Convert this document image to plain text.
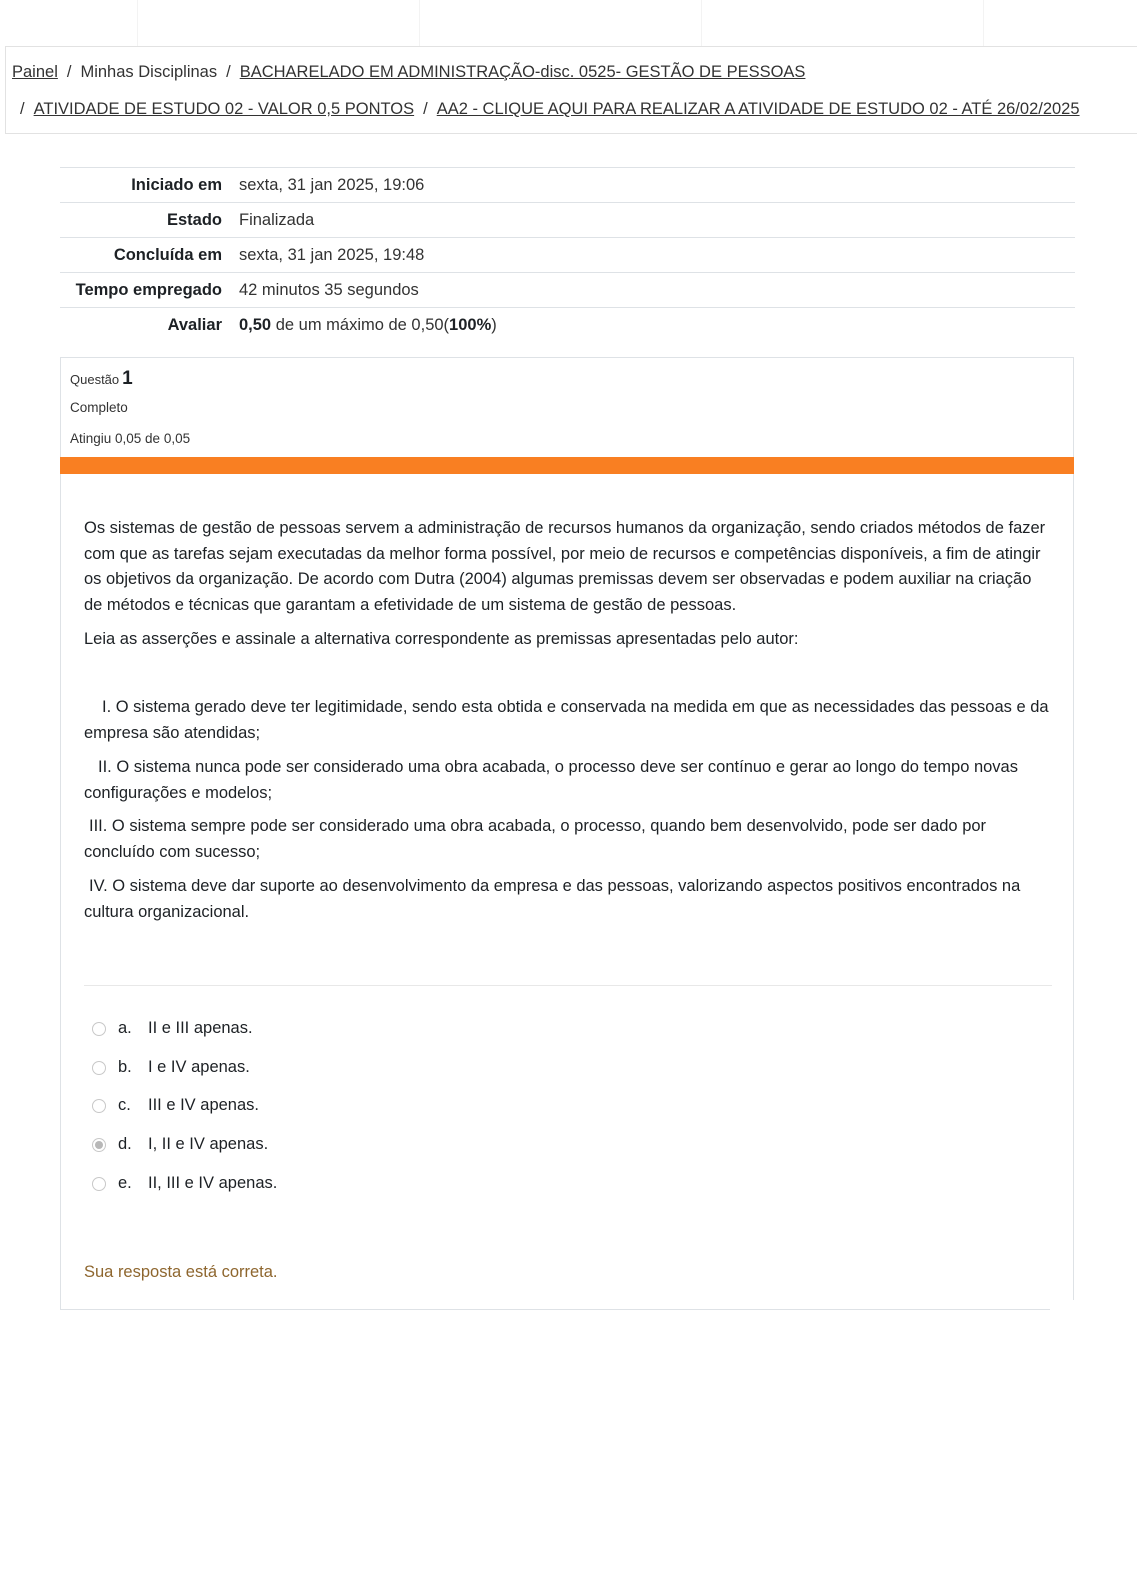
Painel / Minhas Disciplinas / BACHARELADO EM ADMINISTRAÇÃO-disc. 0525- GESTÃO DE PESSOAS
/ ATIVIDADE DE ESTUDO 02 - VALOR 0,5 PONTOS / AA2 - CLIQUE AQUI PARA REALIZAR A ATIVIDADE DE ESTUDO 02 - ATÉ 26/02/2025
Iniciado em	sexta, 31 jan 2025, 19:06
Estado	Finalizada
Concluída em	sexta, 31 jan 2025, 19:48
Tempo empregado	42 minutos 35 segundos
Avaliar	0,50 de um máximo de 0,50(100%)
Questão 1
Completo
Atingiu 0,05 de 0,05

Os sistemas de gestão de pessoas servem a administração de recursos humanos da organização, sendo criados métodos de fazer com que as tarefas sejam executadas da melhor forma possível, por meio de recursos e competências disponíveis, a fim de atingir os objetivos da organização. De acordo com Dutra (2004) algumas premissas devem ser observadas e podem auxiliar na criação de métodos e técnicas que garantam a efetividade de um sistema de gestão de pessoas.

Leia as asserções e assinale a alternativa correspondente as premissas apresentadas pelo autor:

I. O sistema gerado deve ter legitimidade, sendo esta obtida e conservada na medida em que as necessidades das pessoas e da empresa são atendidas;

II. O sistema nunca pode ser considerado uma obra acabada, o processo deve ser contínuo e gerar ao longo do tempo novas configurações e modelos;

III. O sistema sempre pode ser considerado uma obra acabada, o processo, quando bem desenvolvido, pode ser dado por concluído com sucesso;

IV. O sistema deve dar suporte ao desenvolvimento da empresa e das pessoas, valorizando aspectos positivos encontrados na cultura organizacional.

a. II e III apenas.
b. I e IV apenas.
c. III e IV apenas.
d. I, II e IV apenas.
e. II, III e IV apenas.
Sua resposta está correta.
